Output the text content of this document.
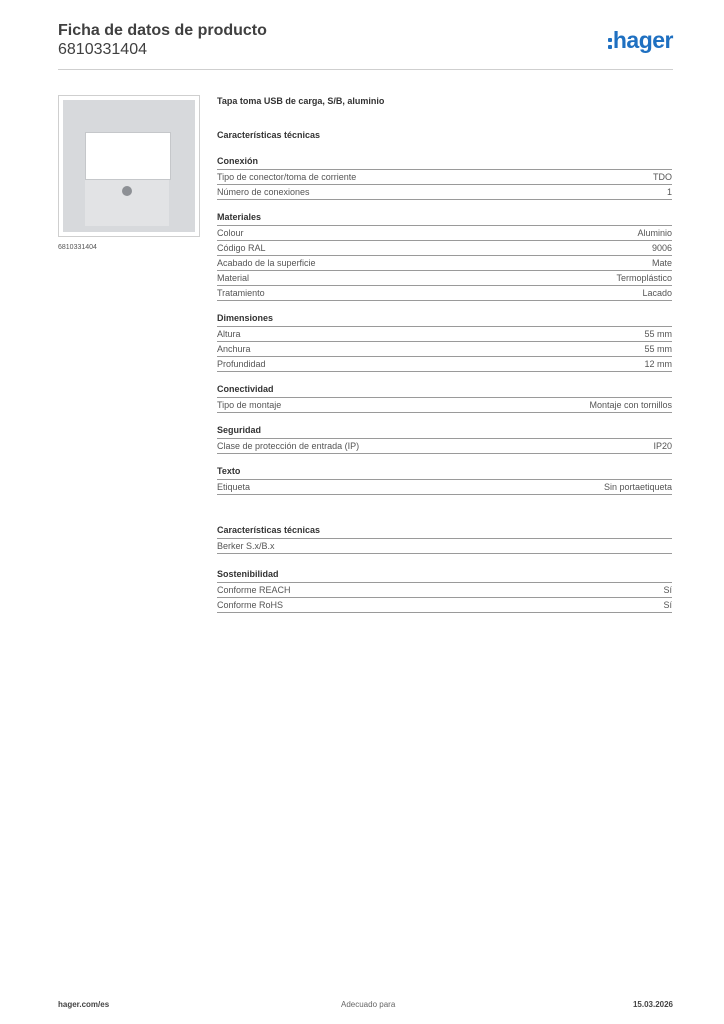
Ficha de datos de producto
6810331404	hager
6810331404
Tapa toma USB de carga, S/B, aluminio
Características técnicas
Conexión
Tipo de conector/toma de corriente	TDO
Número de conexiones	1
Materiales
Colour	Aluminio
Código RAL	9006
Acabado de la superficie	Mate
Material	Termoplástico
Tratamiento	Lacado
Dimensiones
Altura	55 mm
Anchura	55 mm
Profundidad	12 mm
Conectividad
Tipo de montaje	Montaje con tornillos
Seguridad
Clase de protección de entrada (IP)	IP20
Texto
Etiqueta	Sin portaetiqueta
Características técnicas
Berker S.x/B.x
Sostenibilidad
Conforme REACH	Sí
Conforme RoHS	Sí
hager.com/es	Adecuado para	15.03.2026
